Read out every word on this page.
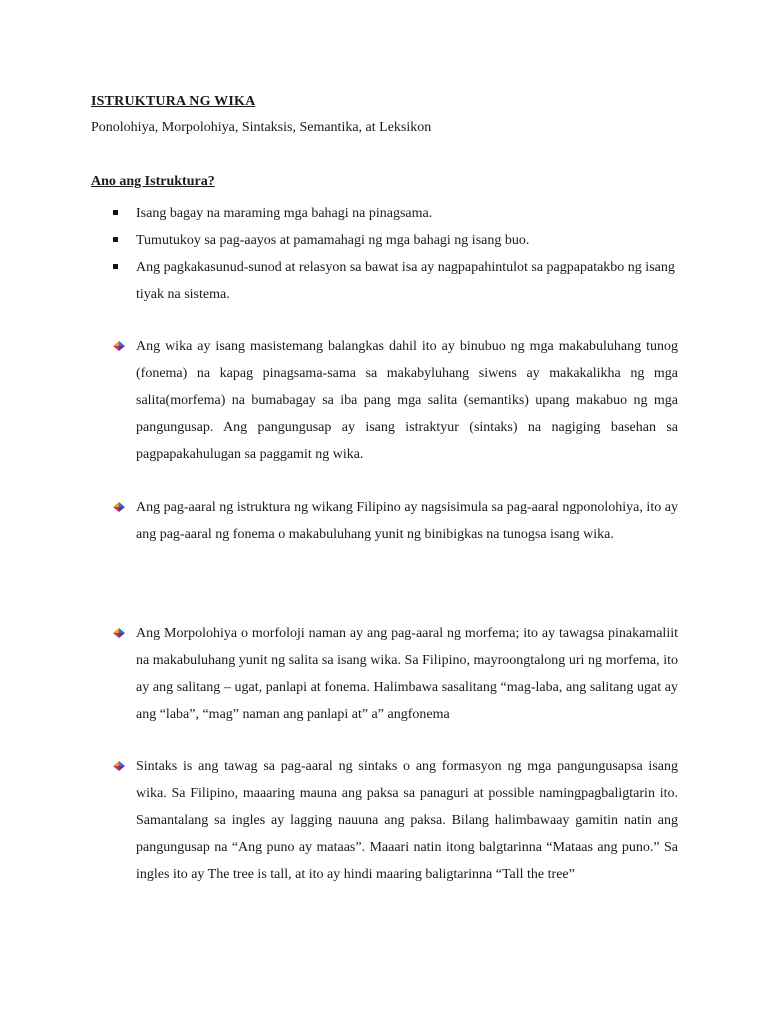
ISTRUKTURA NG WIKA
Ponolohiya, Morpolohiya, Sintaksis, Semantika, at Leksikon
Ano ang Istruktura?
Isang bagay na maraming mga bahagi na pinagsama.
Tumutukoy sa pag-aayos at pamamahagi ng mga bahagi ng isang buo.
Ang pagkakasunud-sunod at relasyon sa bawat isa ay nagpapahintulot sa pagpapatakbo ng isang tiyak na sistema.

Ang wika ay isang masistemang balangkas dahil ito ay binubuo ng mga makabuluhang tunog (fonema) na kapag pinagsama-sama sa makabyluhang siwens ay makakalikha ng mga salita(morfema) na bumabagay sa iba pang mga salita (semantiks) upang makabuo ng mga pangungusap. Ang pangungusap ay isang istraktyur (sintaks) na nagiging basehan sa pagpapakahulugan sa paggamit ng wika.

Ang pag-aaral ng istruktura ng wikang Filipino ay nagsisimula sa pag-aaral ngponolohiya, ito ay ang pag-aaral ng fonema o makabuluhang yunit ng binibigkas na tunogsa isang wika.

Ang Morpolohiya o morfoloji naman ay ang pag-aaral ng morfema; ito ay tawagsa pinakamaliit na makabuluhang yunit ng salita sa isang wika. Sa Filipino, mayroongtalong uri ng morfema, ito ay ang salitang – ugat, panlapi at fonema. Halimbawa sasalitang “mag-laba, ang salitang ugat ay ang “laba”, “mag” naman ang panlapi at” a” angfonema

Sintaks is ang tawag sa pag-aaral ng sintaks o ang formasyon ng mga pangungusapsa isang wika. Sa Filipino, maaaring mauna ang paksa sa panaguri at possible namingpagbaligtarin ito. Samantalang sa ingles ay lagging nauuna ang paksa. Bilang halimbawaay gamitin natin ang pangungusap na “Ang puno ay mataas”. Maaari natin itong balgtarinna “Mataas ang puno.” Sa ingles ito ay The tree is tall, at ito ay hindi maaring baligtarinna “Tall the tree”
